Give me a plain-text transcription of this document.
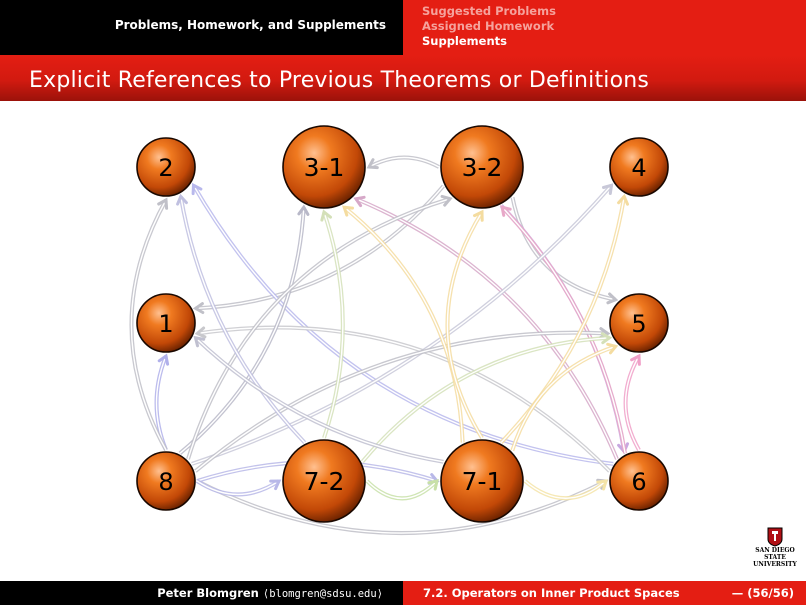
Problems, Homework, and Supplements
Suggested Problems
Assigned Homework
Supplements
Explicit References to Previous Theorems or Definitions
2	3-1	3-2	4
1	5
8	7-2	7-1	6
SAN DIEGO STATE
UNIVERSITY
Peter Blomgren ⟨blomgren@sdsu.edu⟩	7.2. Operators on Inner Product Spaces	— (56/56)
